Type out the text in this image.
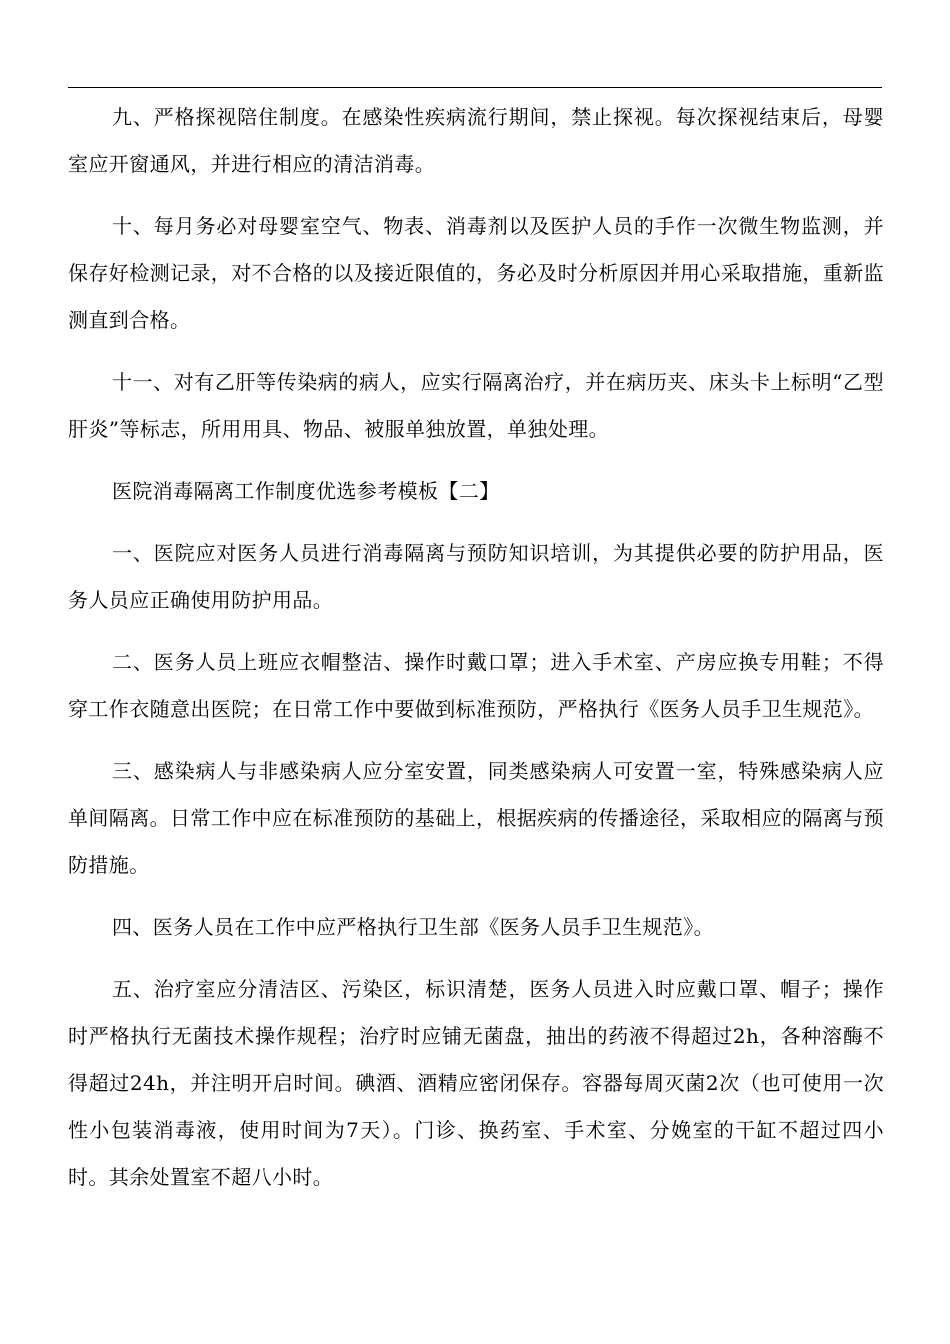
九、严格探视陪住制度。在感染性疾病流行期间，禁止探视。每次探视结束后，母婴室应开窗通风，并进行相应的清洁消毒。

十、每月务必对母婴室空气、物表、消毒剂以及医护人员的手作一次微生物监测，并保存好检测记录，对不合格的以及接近限值的，务必及时分析原因并用心采取措施，重新监测直到合格。

十一、对有乙肝等传染病的病人，应实行隔离治疗，并在病历夹、床头卡上标明“乙型肝炎”等标志，所用用具、物品、被服单独放置，单独处理。

医院消毒隔离工作制度优选参考模板【二】

一、医院应对医务人员进行消毒隔离与预防知识培训，为其提供必要的防护用品，医务人员应正确使用防护用品。

二、医务人员上班应衣帽整洁、操作时戴口罩；进入手术室、产房应换专用鞋；不得穿工作衣随意出医院；在日常工作中要做到标准预防，严格执行《医务人员手卫生规范》。

三、感染病人与非感染病人应分室安置，同类感染病人可安置一室，特殊感染病人应单间隔离。日常工作中应在标准预防的基础上，根据疾病的传播途径，采取相应的隔离与预防措施。

四、医务人员在工作中应严格执行卫生部《医务人员手卫生规范》。

五、治疗室应分清洁区、污染区，标识清楚，医务人员进入时应戴口罩、帽子；操作时严格执行无菌技术操作规程；治疗时应铺无菌盘，抽出的药液不得超过2h，各种溶酶不得超过24h，并注明开启时间。碘酒、酒精应密闭保存。容器每周灭菌2次（也可使用一次性小包装消毒液，使用时间为7天）。门诊、换药室、手术室、分娩室的干缸不超过四小时。其余处置室不超八小时。
